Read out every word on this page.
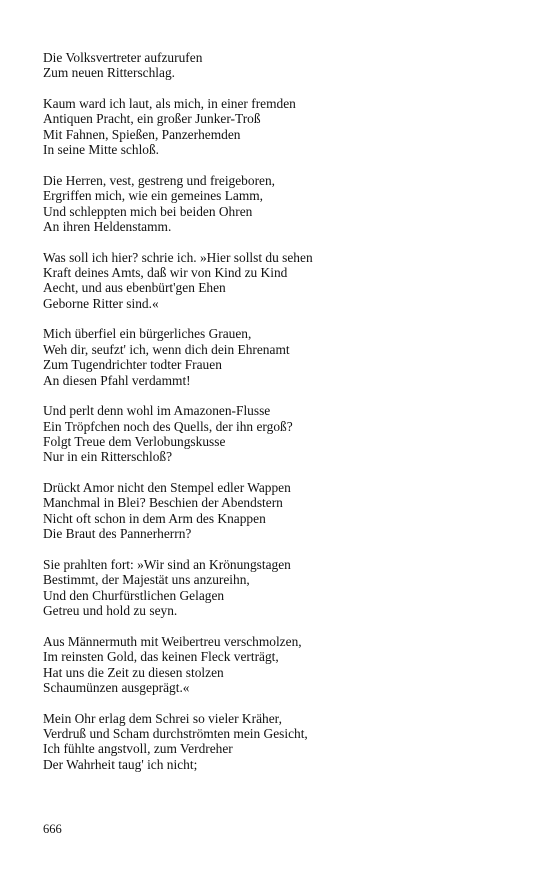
Die Volksvertreter aufzurufen
Zum neuen Ritterschlag.

Kaum ward ich laut, als mich, in einer fremden
Antiquen Pracht, ein großer Junker-Troß
Mit Fahnen, Spießen, Panzerhemden
In seine Mitte schloß.

Die Herren, vest, gestreng und freigeboren,
Ergriffen mich, wie ein gemeines Lamm,
Und schleppten mich bei beiden Ohren
An ihren Heldenstamm.

Was soll ich hier? schrie ich. »Hier sollst du sehen
Kraft deines Amts, daß wir von Kind zu Kind
Aecht, und aus ebenbürt'gen Ehen
Geborne Ritter sind.«

Mich überfiel ein bürgerliches Grauen,
Weh dir, seufzt' ich, wenn dich dein Ehrenamt
Zum Tugendrichter todter Frauen
An diesen Pfahl verdammt!

Und perlt denn wohl im Amazonen-Flusse
Ein Tröpfchen noch des Quells, der ihn ergoß?
Folgt Treue dem Verlobungskusse
Nur in ein Ritterschloß?

Drückt Amor nicht den Stempel edler Wappen
Manchmal in Blei? Beschien der Abendstern
Nicht oft schon in dem Arm des Knappen
Die Braut des Pannerherrn?

Sie prahlten fort: »Wir sind an Krönungstagen
Bestimmt, der Majestät uns anzureihn,
Und den Churfürstlichen Gelagen
Getreu und hold zu seyn.

Aus Männermuth mit Weibertreu verschmolzen,
Im reinsten Gold, das keinen Fleck verträgt,
Hat uns die Zeit zu diesen stolzen
Schaumünzen ausgeprägt.«

Mein Ohr erlag dem Schrei so vieler Kräher,
Verdruß und Scham durchströmten mein Gesicht,
Ich fühlte angstvoll, zum Verdreher
Der Wahrheit taug' ich nicht;

666
